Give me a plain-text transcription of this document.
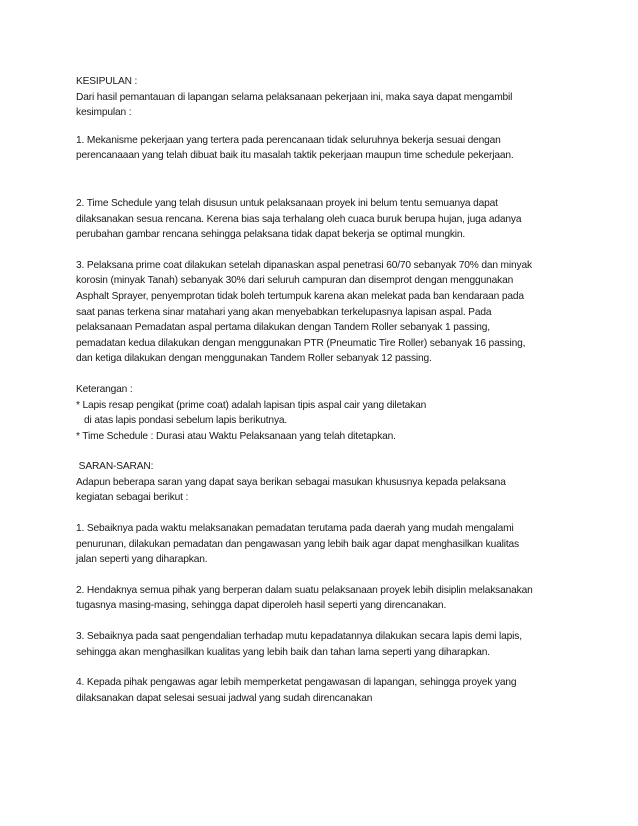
KESIPULAN :
Dari hasil pemantauan di lapangan selama pelaksanaan pekerjaan ini, maka saya dapat mengambil
kesimpulan :
1. Mekanisme pekerjaan yang tertera pada perencanaan tidak seluruhnya bekerja sesuai dengan
perencanaaan yang telah dibuat baik itu masalah taktik pekerjaan maupun time schedule pekerjaan.
2. Time Schedule yang telah disusun untuk pelaksanaan proyek ini belum tentu semuanya dapat
dilaksanakan sesua rencana. Kerena bias saja terhalang oleh cuaca buruk berupa hujan, juga adanya
perubahan gambar rencana sehingga pelaksana tidak dapat bekerja se optimal mungkin.
3. Pelaksana prime coat dilakukan setelah dipanaskan aspal penetrasi 60/70 sebanyak 70% dan minyak
korosin (minyak Tanah) sebanyak 30% dari seluruh campuran dan disemprot dengan menggunakan
Asphalt Sprayer, penyemprotan tidak boleh tertumpuk karena akan melekat pada ban kendaraan pada
saat panas terkena sinar matahari yang akan menyebabkan terkelupasnya lapisan aspal. Pada
pelaksanaan Pemadatan aspal pertama dilakukan dengan Tandem Roller sebanyak 1 passing,
pemadatan kedua dilakukan dengan menggunakan PTR (Pneumatic Tire Roller) sebanyak 16 passing,
dan ketiga dilakukan dengan menggunakan Tandem Roller sebanyak 12 passing.
Keterangan :
* Lapis resap pengikat (prime coat) adalah lapisan tipis aspal cair yang diletakan
di atas lapis pondasi sebelum lapis berikutnya.
* Time Schedule : Durasi atau Waktu Pelaksanaan yang telah ditetapkan.
SARAN-SARAN:
Adapun beberapa saran yang dapat saya berikan sebagai masukan khususnya kepada pelaksana
kegiatan sebagai berikut :
1. Sebaiknya pada waktu melaksanakan pemadatan terutama pada daerah yang mudah mengalami
penurunan, dilakukan pemadatan dan pengawasan yang lebih baik agar dapat menghasilkan kualitas
jalan seperti yang diharapkan.
2. Hendaknya semua pihak yang berperan dalam suatu pelaksanaan proyek lebih disiplin melaksanakan
tugasnya masing-masing, sehingga dapat diperoleh hasil seperti yang direncanakan.
3. Sebaiknya pada saat pengendalian terhadap mutu kepadatannya dilakukan secara lapis demi lapis,
sehingga akan menghasilkan kualitas yang lebih baik dan tahan lama seperti yang diharapkan.
4. Kepada pihak pengawas agar lebih memperketat pengawasan di lapangan, sehingga proyek yang
dilaksanakan dapat selesai sesuai jadwal yang sudah direncanakan
